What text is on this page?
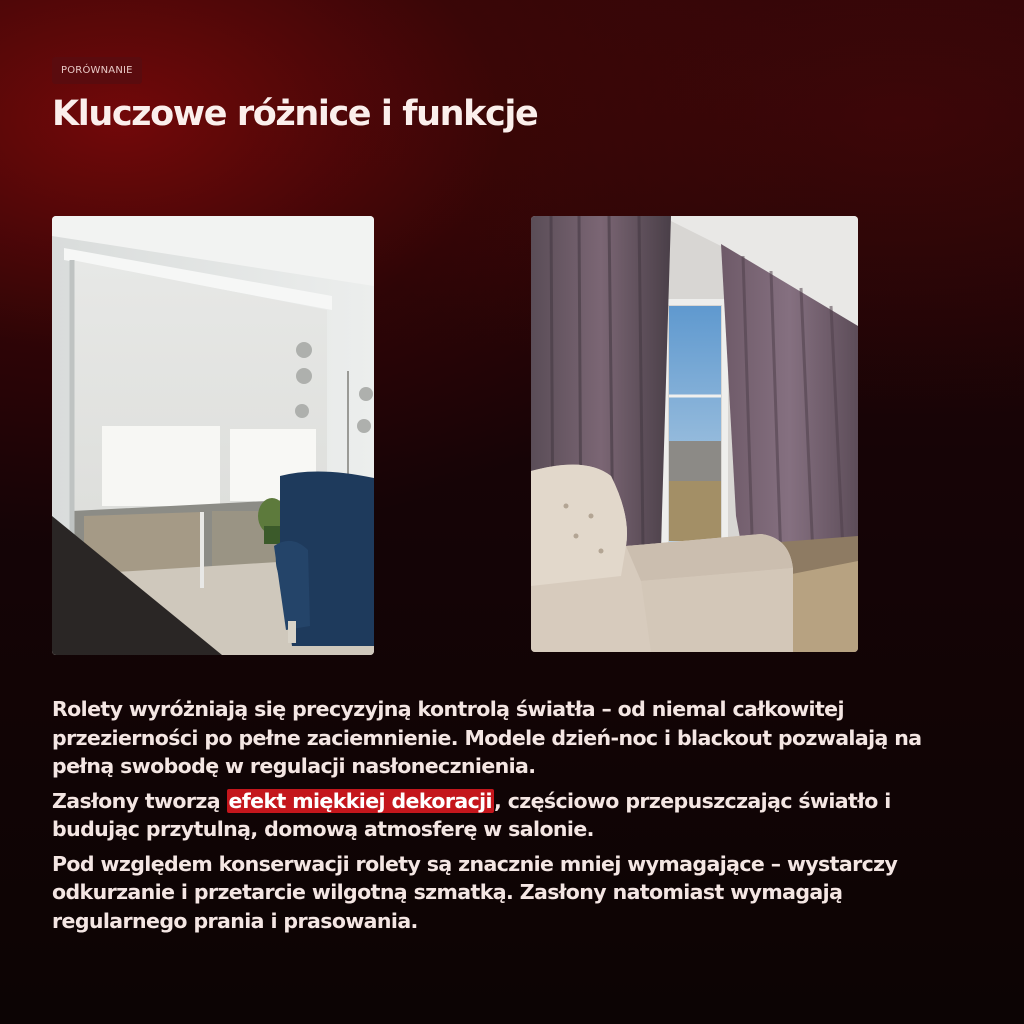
PORÓWNANIE
Kluczowe różnice i funkcje

Rolety wyróżniają się precyzyjną kontrolą światła – od niemal całkowitej przezierności po pełne zaciemnienie. Modele dzień-noc i blackout pozwalają na pełną swobodę w regulacji nasłonecznienia.

Zasłony tworzą efekt miękkiej dekoracji, częściowo przepuszczając światło i budując przytulną, domową atmosferę w salonie.

Pod względem konserwacji rolety są znacznie mniej wymagające – wystarczy odkurzanie i przetarcie wilgotną szmatką. Zasłony natomiast wymagają regularnego prania i prasowania.
